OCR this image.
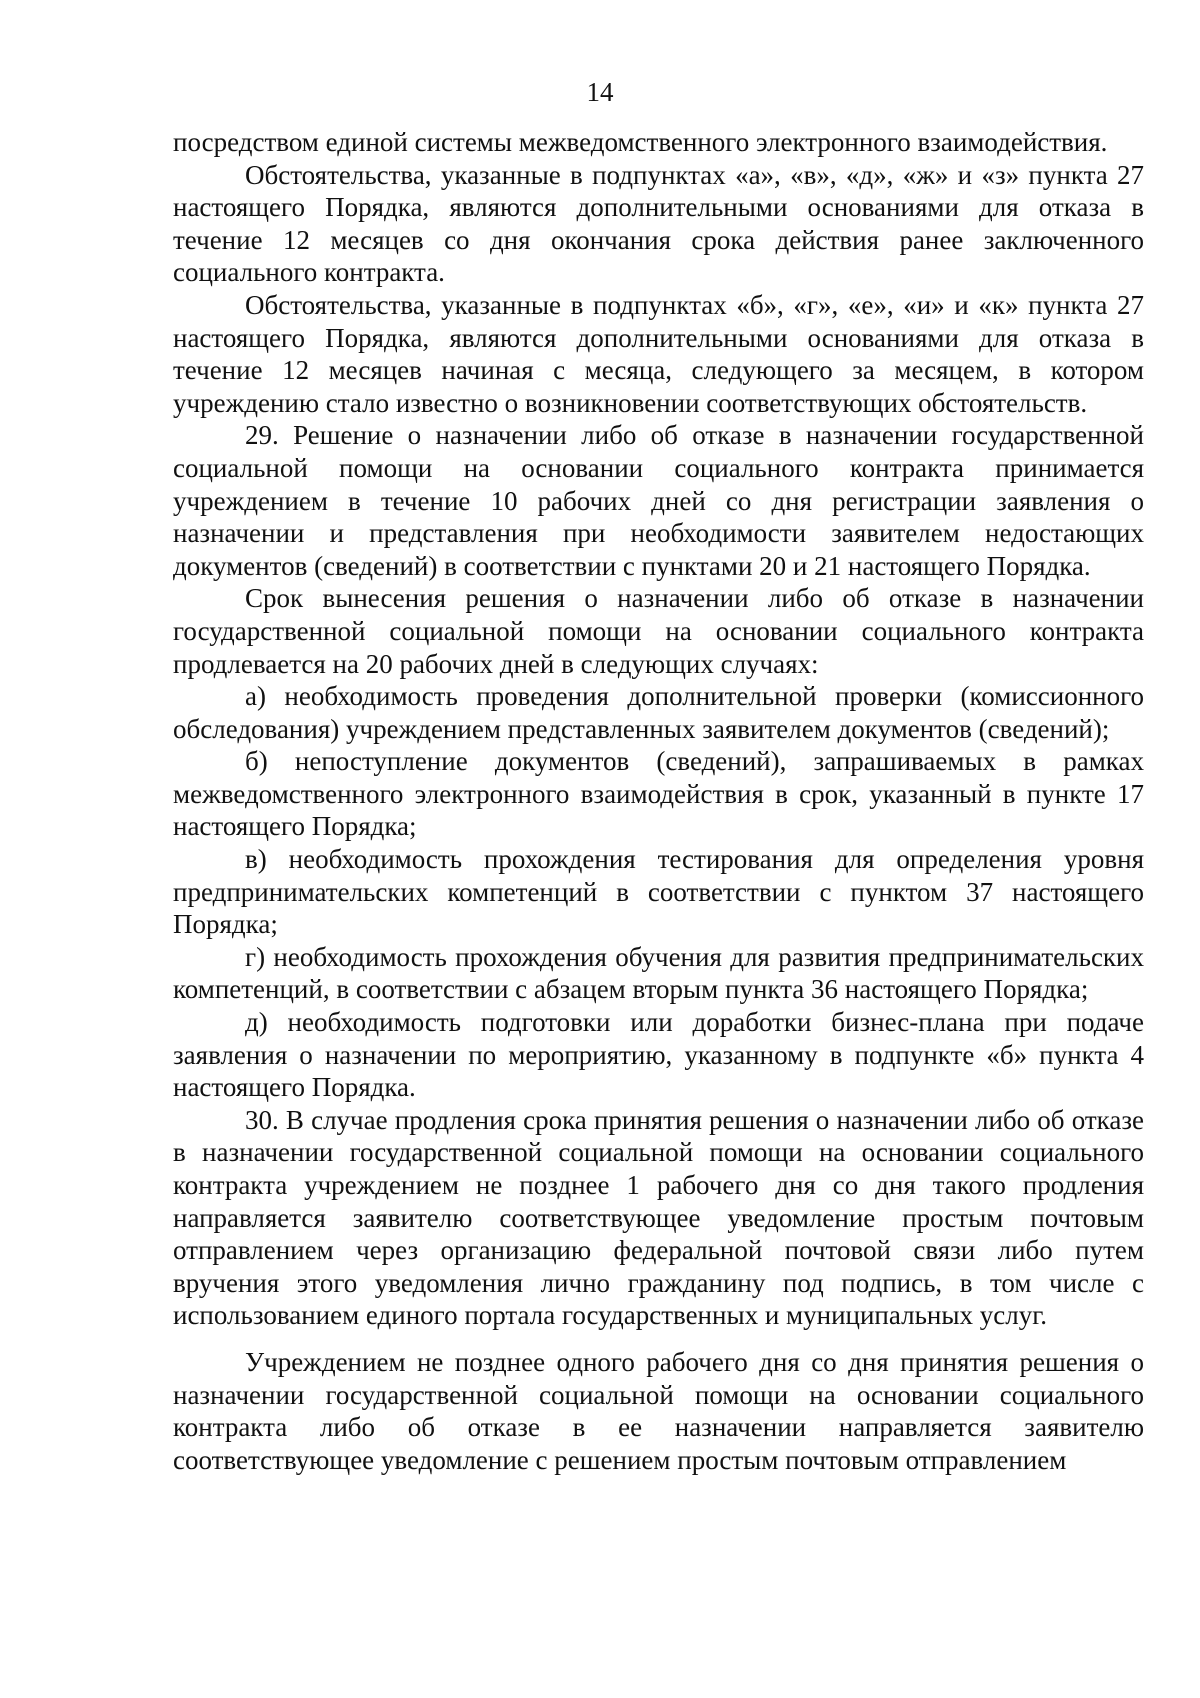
14

посредством единой системы межведомственного электронного взаимодействия.

Обстоятельства, указанные в подпунктах «а», «в», «д», «ж» и «з» пункта 27 настоящего Порядка, являются дополнительными основаниями для отказа в течение 12 месяцев со дня окончания срока действия ранее заключенного социального контракта.

Обстоятельства, указанные в подпунктах «б», «г», «е», «и» и «к» пункта 27 настоящего Порядка, являются дополнительными основаниями для отказа в течение 12 месяцев начиная с месяца, следующего за месяцем, в котором учреждению стало известно о возникновении соответствующих обстоятельств.

29. Решение о назначении либо об отказе в назначении государственной социальной помощи на основании социального контракта принимается учреждением в течение 10 рабочих дней со дня регистрации заявления о назначении и представления при необходимости заявителем недостающих документов (сведений) в соответствии с пунктами 20 и 21 настоящего Порядка.

Срок вынесения решения о назначении либо об отказе в назначении государственной социальной помощи на основании социального контракта продлевается на 20 рабочих дней в следующих случаях:

а) необходимость проведения дополнительной проверки (комиссионного обследования) учреждением представленных заявителем документов (сведений);

б) непоступление документов (сведений), запрашиваемых в рамках межведомственного электронного взаимодействия в срок, указанный в пункте 17 настоящего Порядка;

в) необходимость прохождения тестирования для определения уровня предпринимательских компетенций в соответствии с пунктом 37 настоящего Порядка;

г) необходимость прохождения обучения для развития предпринимательских компетенций, в соответствии с абзацем вторым пункта 36 настоящего Порядка;

д) необходимость подготовки или доработки бизнес-плана при подаче заявления о назначении по мероприятию, указанному в подпункте «б» пункта 4 настоящего Порядка.

30. В случае продления срока принятия решения о назначении либо об отказе в назначении государственной социальной помощи на основании социального контракта учреждением не позднее 1 рабочего дня со дня такого продления направляется заявителю соответствующее уведомление простым почтовым отправлением через организацию федеральной почтовой связи либо путем вручения этого уведомления лично гражданину под подпись, в том числе с использованием единого портала государственных и муниципальных услуг.

Учреждением не позднее одного рабочего дня со дня принятия решения о назначении государственной социальной помощи на основании социального контракта либо об отказе в ее назначении направляется заявителю соответствующее уведомление с решением простым почтовым отправлением
